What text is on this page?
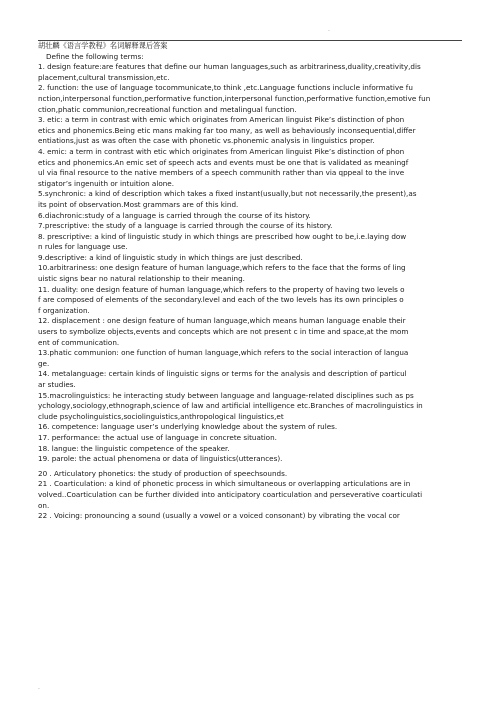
.
胡壮麟《语言学教程》名词解释课后答案
Define the following terms:
1. design feature:are features that define our human languages,such as arbitrariness,duality,creativity,dis
placement,cultural transmission,etc.
2. function: the use of language tocommunicate,to think ,etc.Language functions inclucle informative fu
nction,interpersonal function,performative function,interpersonal function,performative function,emotive fun
ction,phatic communion,recreational function and metalingual function.
3. etic: a term in contrast with emic which originates from American linguist Pike’s distinction of phon
etics and phonemics.Being etic mans making far too many, as well as behaviously inconsequential,differ
entiations,just as was often the case with phonetic vs.phonemic analysis in linguistics proper.
4. emic: a term in contrast with etic which originates from American linguist Pike’s distinction of phon
etics and phonemics.An emic set of speech acts and events must be one that is validated as meaningf
ul via final resource to the native members of a speech communith rather than via qppeal to the inve
stigator’s ingenuith or intuition alone.
5.synchronic: a kind of description which takes a fixed instant(usually,but not necessarily,the present),as
its point of observation.Most grammars are of this kind.
6.diachronic:study of a language is carried through the course of its history.
7.prescriptive: the study of a language is carried through the course of its history.
8. prescriptive: a kind of linguistic study in which things are prescribed how ought to be,i.e.laying dow
n rules for language use.
9.descriptive: a kind of linguistic study in which things are just described.
10.arbitrariness: one design feature of human language,which refers to the face that the forms of ling
uistic signs bear no natural relationship to their meaning.
11. duality: one design feature of human language,which refers to the property of having two levels o
f are composed of elements of the secondary.level and each of the two levels has its own principles o
f organization.
12. displacement : one design feature of human language,which means human language enable their
users to symbolize objects,events and concepts which are not present c in time and space,at the mom
ent of communication.
13.phatic communion: one function of human language,which refers to the social interaction of langua
ge.
14. metalanguage: certain kinds of linguistic signs or terms for the analysis and description of particul
ar studies.
15.macrolinguistics: he interacting study between language and language-related disciplines such as ps
ychology,sociology,ethnograph,science of law and artificial intelligence etc.Branches of macrolinguistics in
clude psycholinguistics,sociolinguistics,anthropological linguistics,et
16. competence: language user’s underlying knowledge about the system of rules.
17. performance: the actual use of language in concrete situation.
18. langue: the linguistic competence of the speaker.
19. parole: the actual phenomena or data of linguistics(utterances).
20 . Articulatory phonetics: the study of production of speechsounds.
21 . Coarticulation: a kind of phonetic process in which simultaneous or overlapping articulations are in
volved..Coarticulation can be further divided into anticipatory coarticulation and perseverative coarticulati
on.
22 . Voicing: pronouncing a sound (usually a vowel or a voiced consonant) by vibrating the vocal cor
.
